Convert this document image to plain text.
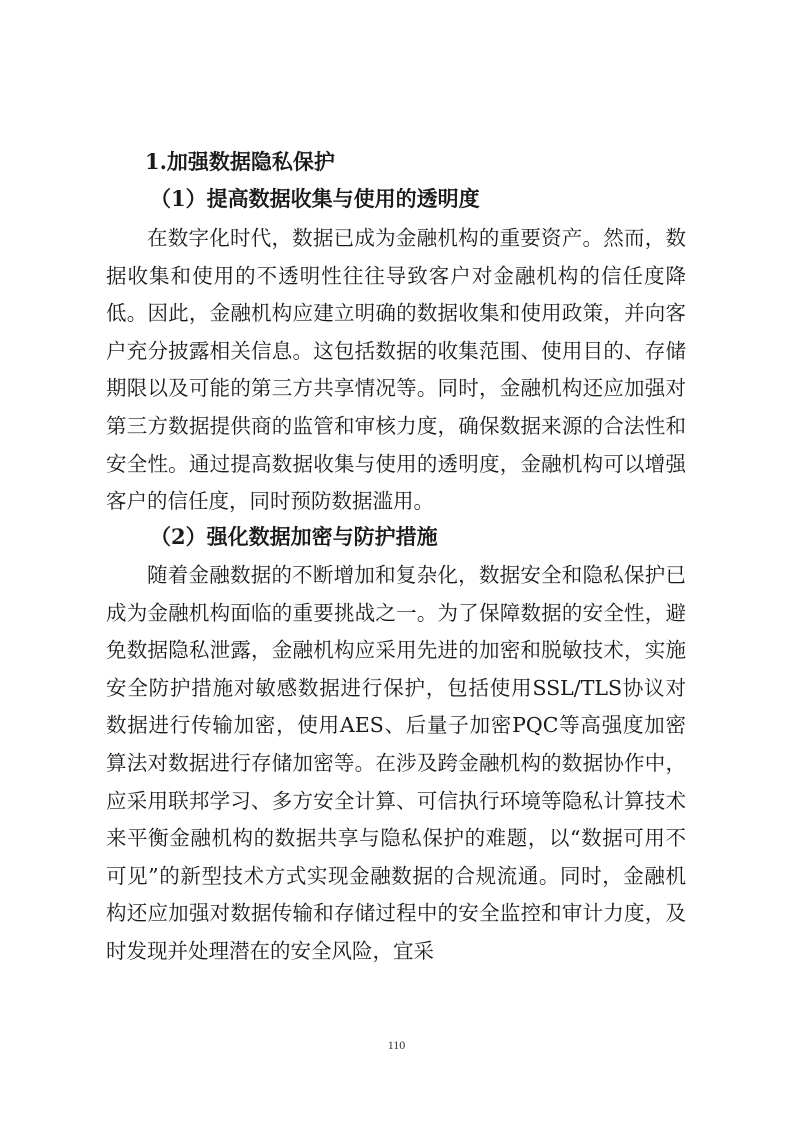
1.加强数据隐私保护
（1）提高数据收集与使用的透明度

在数字化时代，数据已成为金融机构的重要资产。然而，数据收集和使用的不透明性往往导致客户对金融机构的信任度降低。因此，金融机构应建立明确的数据收集和使用政策，并向客户充分披露相关信息。这包括数据的收集范围、使用目的、存储期限以及可能的第三方共享情况等。同时，金融机构还应加强对第三方数据提供商的监管和审核力度，确保数据来源的合法性和安全性。通过提高数据收集与使用的透明度，金融机构可以增强客户的信任度，同时预防数据滥用。

（2）强化数据加密与防护措施

随着金融数据的不断增加和复杂化，数据安全和隐私保护已成为金融机构面临的重要挑战之一。为了保障数据的安全性，避免数据隐私泄露，金融机构应采用先进的加密和脱敏技术，实施安全防护措施对敏感数据进行保护，包括使用SSL/TLS协议对数据进行传输加密，使用AES、后量子加密PQC等高强度加密算法对数据进行存储加密等。在涉及跨金融机构的数据协作中，应采用联邦学习、多方安全计算、可信执行环境等隐私计算技术来平衡金融机构的数据共享与隐私保护的难题，以“数据可用不可见”的新型技术方式实现金融数据的合规流通。同时，金融机构还应加强对数据传输和存储过程中的安全监控和审计力度，及时发现并处理潜在的安全风险，宜采

110
